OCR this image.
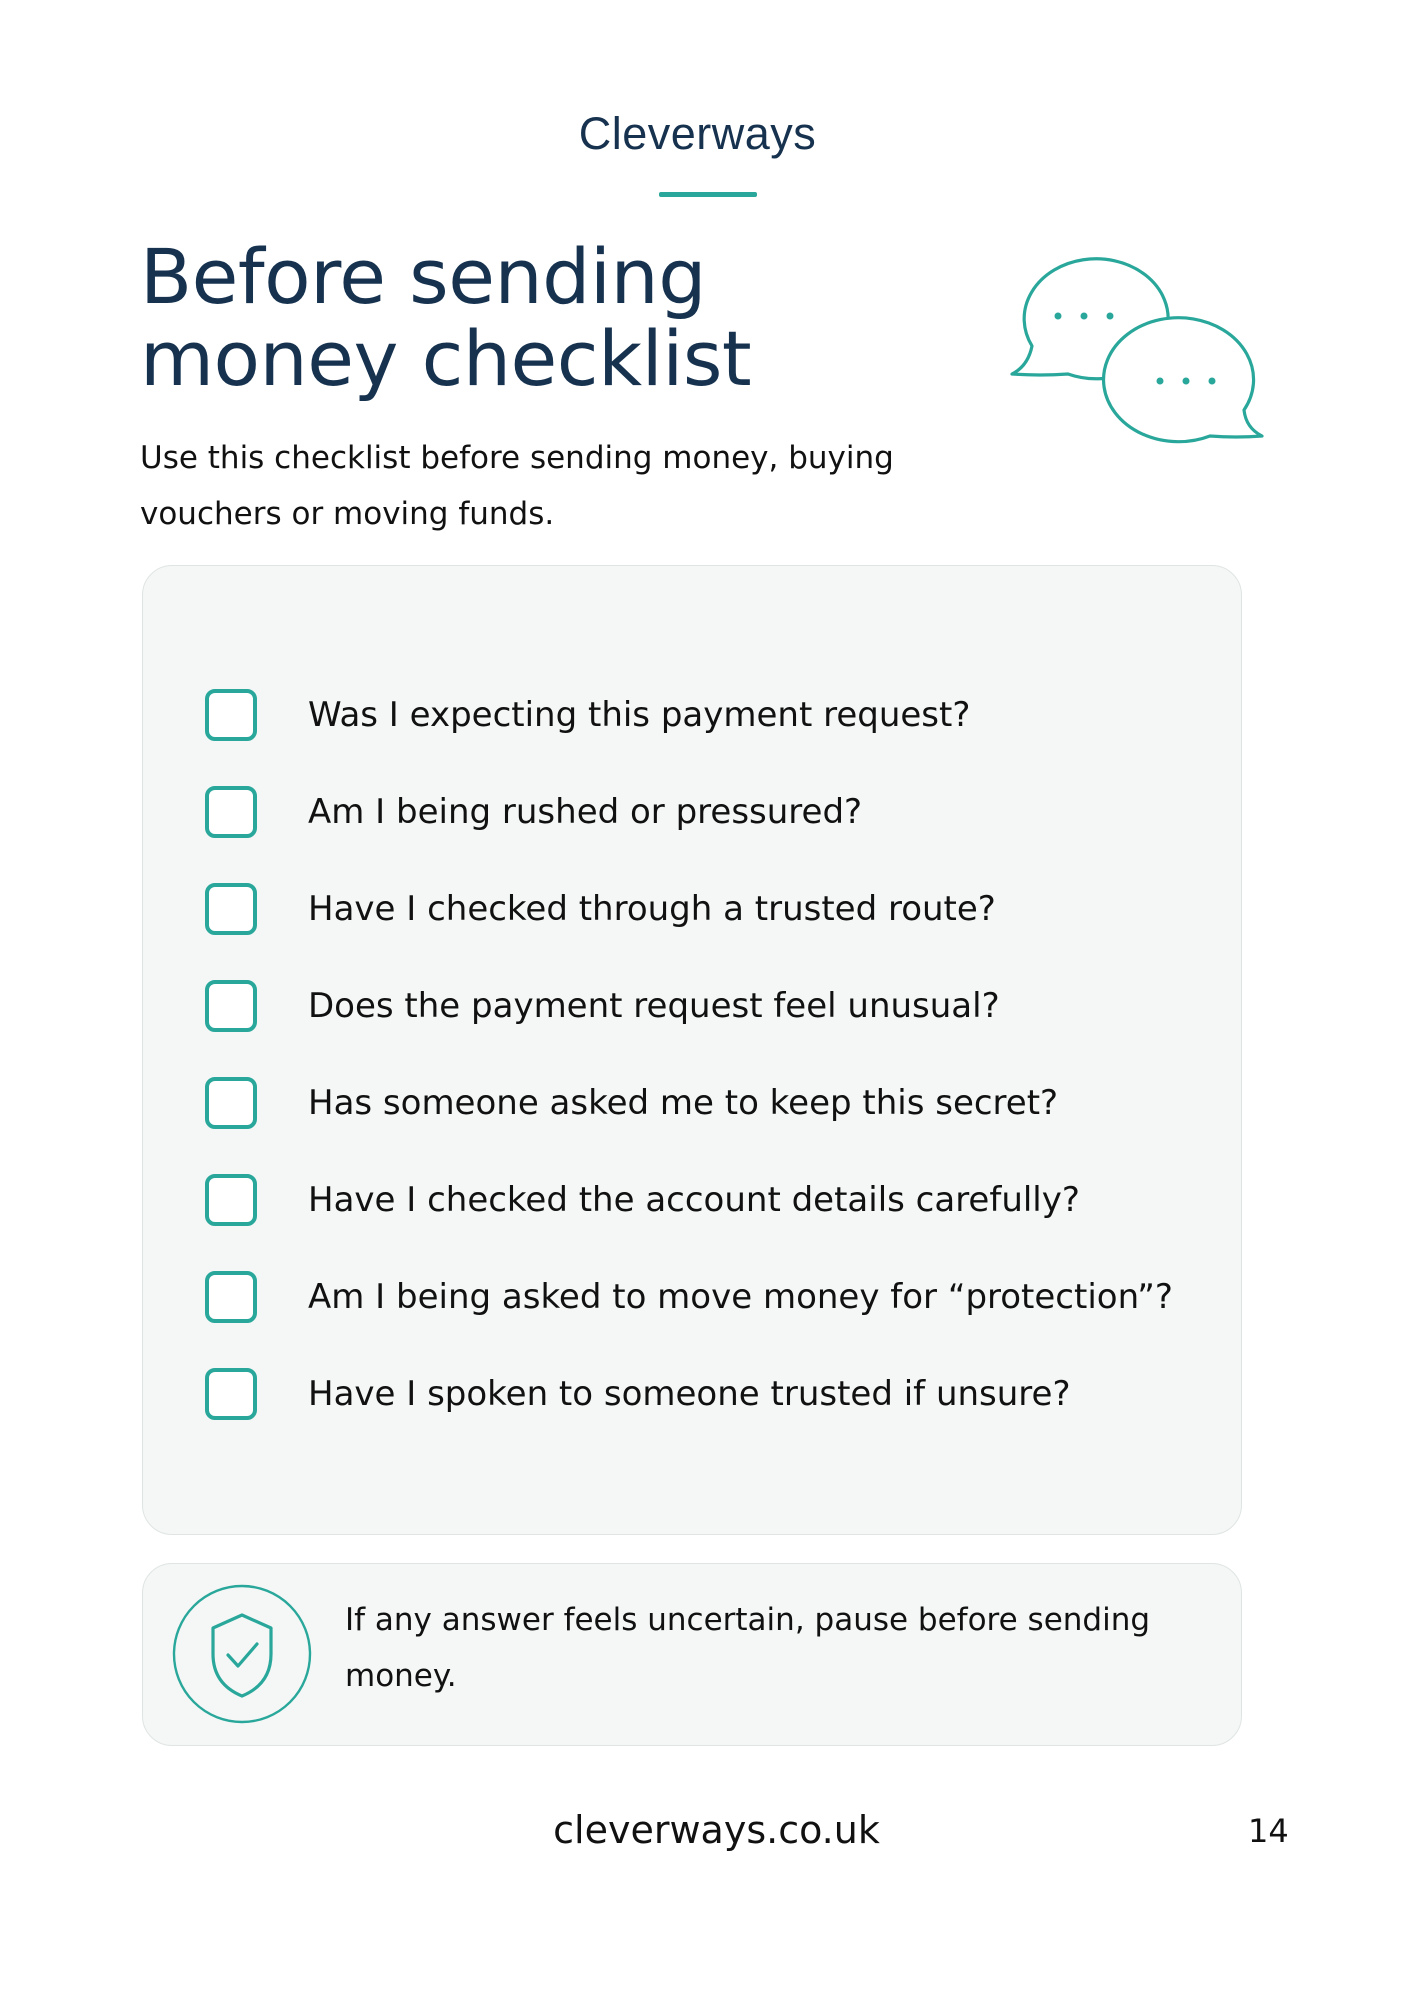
Cleverways
Before sending
money checklist

Use this checklist before sending money, buying vouchers or moving funds.

Was I expecting this payment request?
Am I being rushed or pressured?
Have I checked through a trusted route?
Does the payment request feel unusual?
Has someone asked me to keep this secret?
Have I checked the account details carefully?
Am I being asked to move money for “protection”?
Have I spoken to someone trusted if unsure?

If any answer feels uncertain, pause before sending money.

cleverways.co.uk	14
